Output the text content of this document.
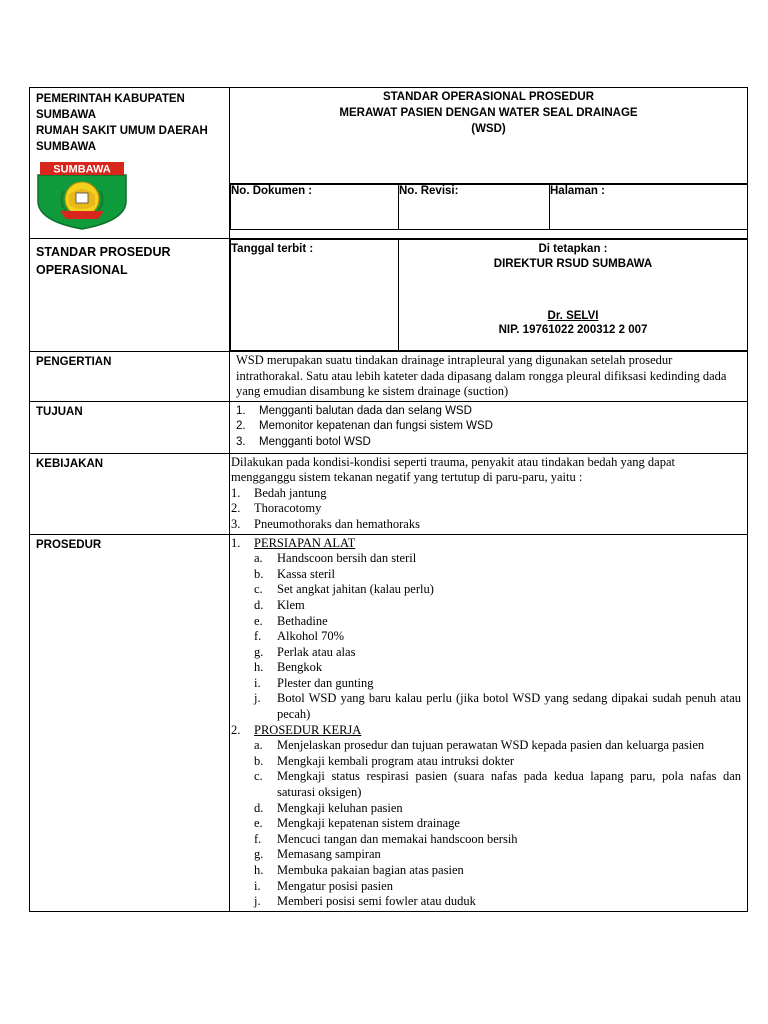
PEMERINTAH KABUPATEN
SUMBAWA
RUMAH SAKIT UMUM DAERAH
SUMBAWA
SUMBAWA

STANDAR OPERASIONAL PROSEDUR
MERAWAT PASIEN DENGAN WATER SEAL DRAINAGE
(WSD)

No. Dokumen :	No. Revisi:	Halaman :

STANDAR PROSEDUR
OPERASIONAL

Tanggal terbit :	Di tetapkan :
DIREKTUR RSUD SUMBAWA
Dr. SELVI
NIP. 19761022 200312 2 007

PENGERTIAN	WSD merupakan suatu tindakan drainage intrapleural yang digunakan setelah prosedur intrathorakal. Satu atau lebih kateter dada dipasang dalam rongga pleural difiksasi kedinding dada yang emudian disambung ke sistem drainage (suction)

TUJUAN	1. Mengganti balutan dada dan selang WSD
2. Memonitor kepatenan dan fungsi sistem WSD
3. Mengganti botol WSD

KEBIJAKAN	Dilakukan pada kondisi-kondisi seperti trauma, penyakit atau tindakan bedah yang dapat mengganggu sistem tekanan negatif yang tertutup di paru-paru, yaitu :
1. Bedah jantung
2. Thoracotomy
3. Pneumothoraks dan hemathoraks

PROSEDUR	1. PERSIAPAN ALAT
a. Handscoon bersih dan steril
b. Kassa steril
c. Set angkat jahitan (kalau perlu)
d. Klem
e. Bethadine
f. Alkohol 70%
g. Perlak atau alas
h. Bengkok
i. Plester dan gunting
j. Botol WSD yang baru kalau perlu (jika botol WSD yang sedang dipakai sudah penuh atau pecah)
2. PROSEDUR KERJA
a. Menjelaskan prosedur dan tujuan perawatan WSD kepada pasien dan keluarga pasien
b. Mengkaji kembali program atau intruksi dokter
c. Mengkaji status respirasi pasien (suara nafas pada kedua lapang paru, pola nafas dan saturasi oksigen)
d. Mengkaji keluhan pasien
e. Mengkaji kepatenan sistem drainage
f. Mencuci tangan dan memakai handscoon bersih
g. Memasang sampiran
h. Membuka pakaian bagian atas pasien
i. Mengatur posisi pasien
j. Memberi posisi semi fowler atau duduk
